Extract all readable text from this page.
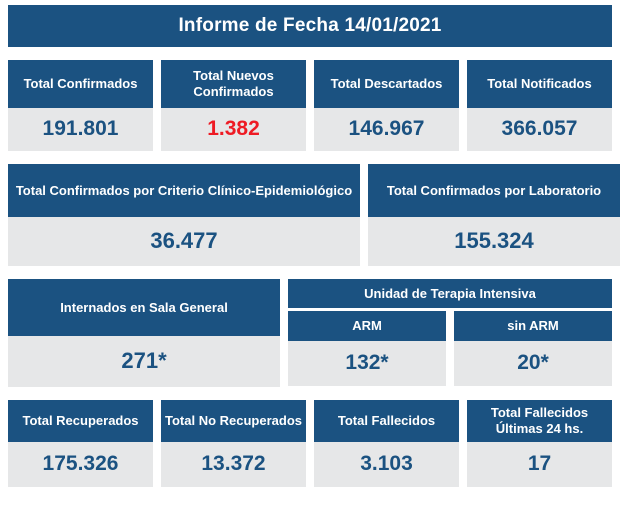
Informe de Fecha 14/01/2021
Total Confirmados
191.801
Total Nuevos Confirmados
1.382
Total Descartados
146.967
Total Notificados
366.057
Total Confirmados por Criterio Clínico-Epidemiológico
36.477
Total Confirmados por Laboratorio
155.324
Internados en Sala General
271*
Unidad de Terapia Intensiva
ARM
132*
sin ARM
20*
Total Recuperados
175.326
Total No Recuperados
13.372
Total Fallecidos
3.103
Total Fallecidos Últimas 24 hs.
17
